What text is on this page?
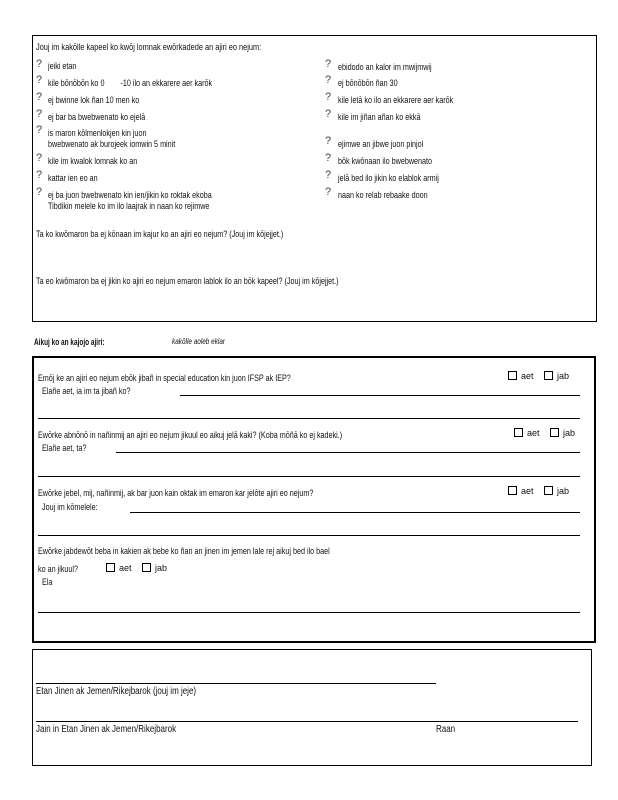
Jouj im kakōlle kapeel ko kwōj lomnak ewōrkadede an ajiri eo nejum:
? jeiki etan
? kile bōnōbōn ko 0        -10 ilo an ekkarere aer karōk
? ej bwinne lok ñan 10 men ko
? ej bar ba bwebwenato ko ejelā
? is maron kōlmenlokjen kin juon
bwebwenato ak burojeek iomwin 5 minit
? kile im kwalok lomnak ko an
? kattar ien eo an
? ej ba juon bwebwenato kin ien/jikin ko roktak ekoba
Tibdikin melele ko im ilo laajrak in naan ko rejimwe
? ebidodo an kalor im mwijmwij
? ej bōnōbōn ñan 30
? kile letā ko ilo an ekkarere aer karōk
? kile im jiñan añan ko ekkā
? ejimwe an jibwe juon pinjol
? bōk kwōnaan ilo bwebwenato
? jelā bed ilo jikin ko elablok armij
? naan ko relab rebaake doon
Ta ko kwōmaron ba ej kōnaan im kajur ko an ajiri eo nejum? (Jouj im kōjejjet.)
Ta eo kwōmaron ba ej jikin ko ajiri eo nejum emaron lablok ilo an bōk kapeel? (Jouj im kōjejjet.)
Aikuj ko an kajojo ajiri:	kakōlle aoleb eklar
Emōj ke an ajiri eo nejum ebōk jibañ in special education kin juon IFSP ak IEP?	aet	jab
Elañe aet, ia im ta jibañ ko?
Ewōrke abnōnō in nañinmij an ajiri eo nejum jikuul eo aikuj jelā kaki? (Koba mōñā ko ej kadeki.)	aet	jab
Elañe aet, ta?
Ewōrke jebel, mij, nañinmij, ak bar juon kain oktak im emaron kar jelōte ajiri eo nejum?	aet	jab
Jouj im kōmelele:
Ewōrke jabdewōt beba in kakien ak bebe ko ñan an jinen im jemen lale rej aikuj bed ilo bael
ko an jikuul?	aet	jab
Ela
Etan Jinen ak Jemen/Rikejbarok (jouj im jeje)
Jain in Etan Jinen ak Jemen/Rikejbarok	Raan
